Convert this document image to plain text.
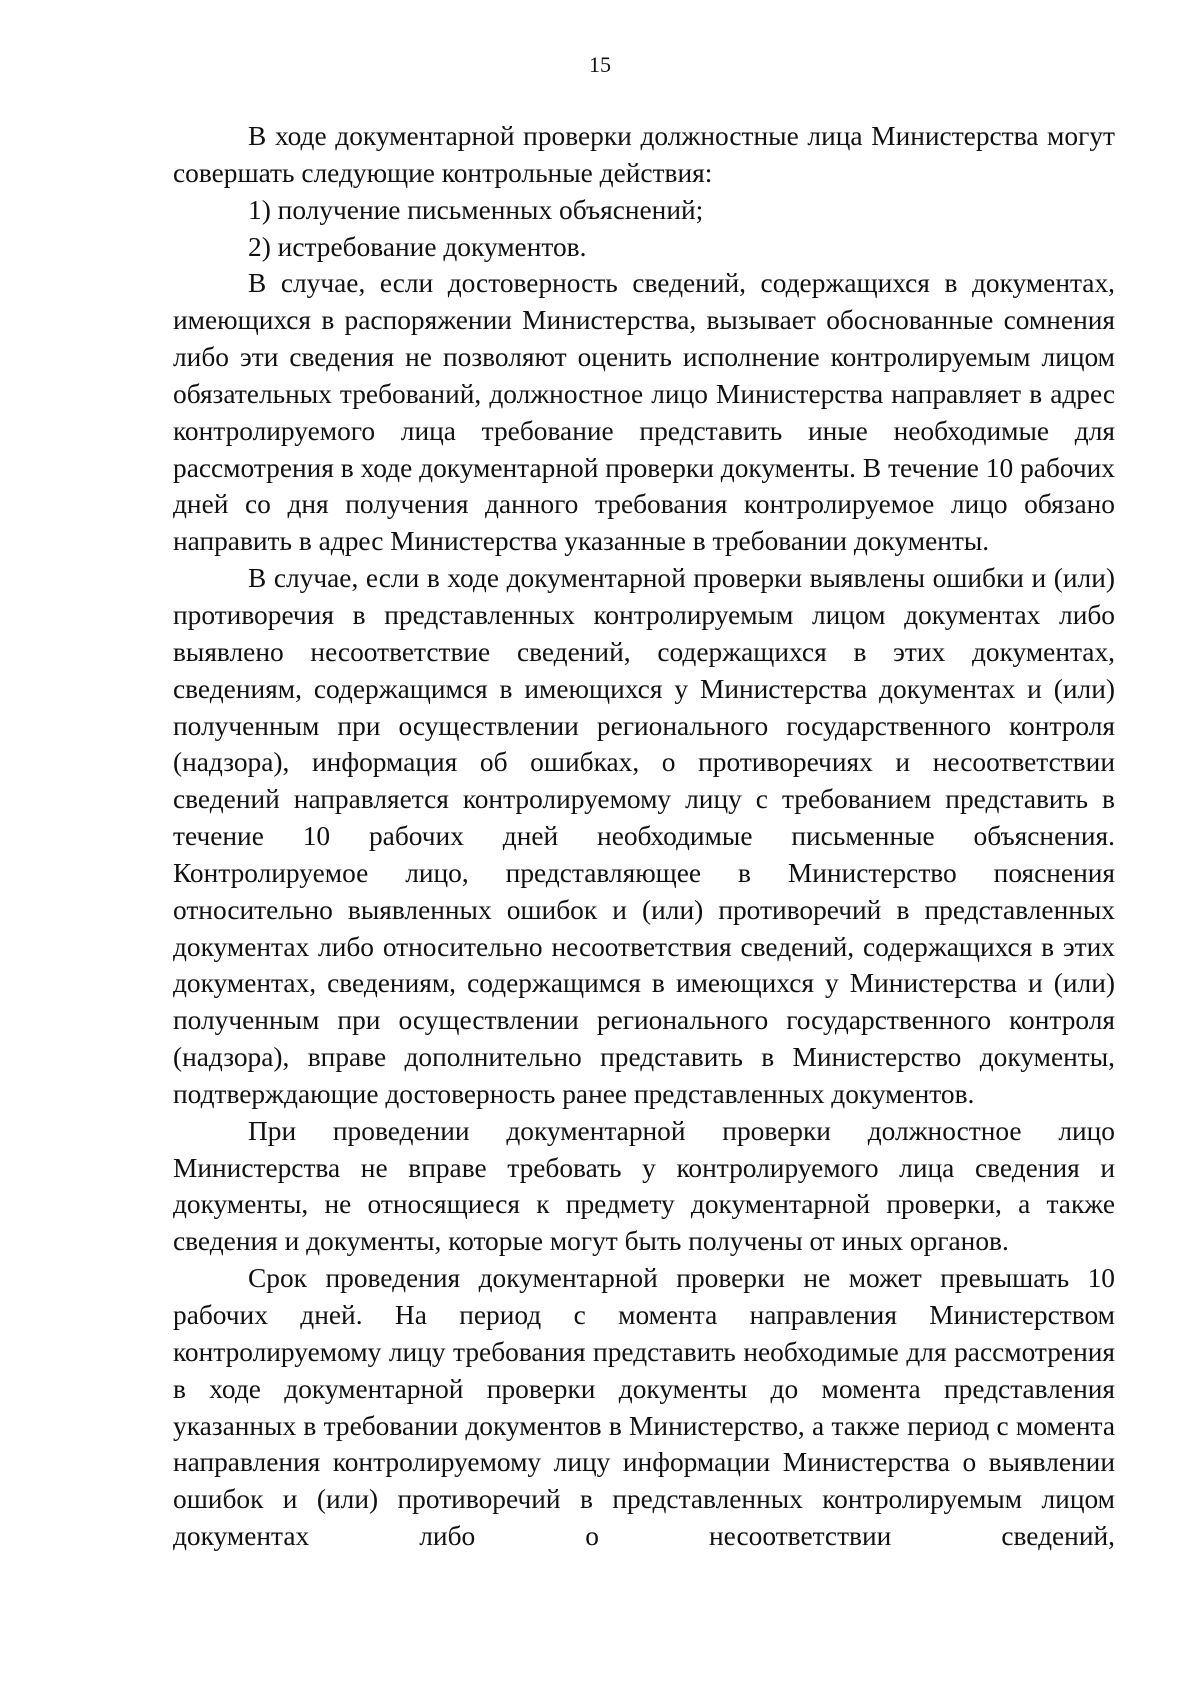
15

В ходе документарной проверки должностные лица Министерства могут совершать следующие контрольные действия:

1) получение письменных объяснений;

2) истребование документов.

В случае, если достоверность сведений, содержащихся в документах, имеющихся в распоряжении Министерства, вызывает обоснованные сомнения либо эти сведения не позволяют оценить исполнение контролируемым лицом обязательных требований, должностное лицо Министерства направляет в адрес контролируемого лица требование представить иные необходимые для рассмотрения в ходе документарной проверки документы. В течение 10 рабочих дней со дня получения данного требования контролируемое лицо обязано направить в адрес Министерства указанные в требовании документы.

В случае, если в ходе документарной проверки выявлены ошибки и (или) противоречия в представленных контролируемым лицом документах либо выявлено несоответствие сведений, содержащихся в этих документах, сведениям, содержащимся в имеющихся у Министерства документах и (или) полученным при осуществлении регионального государственного контроля (надзора), информация об ошибках, о противоречиях и несоответствии сведений направляется контролируемому лицу с требованием представить в течение 10 рабочих дней необходимые письменные объяснения. Контролируемое лицо, представляющее в Министерство пояснения относительно выявленных ошибок и (или) противоречий в представленных документах либо относительно несоответствия сведений, содержащихся в этих документах, сведениям, содержащимся в имеющихся у Министерства и (или) полученным при осуществлении регионального государственного контроля (надзора), вправе дополнительно представить в Министерство документы, подтверждающие достоверность ранее представленных документов.

При проведении документарной проверки должностное лицо Министерства не вправе требовать у контролируемого лица сведения и документы, не относящиеся к предмету документарной проверки, а также сведения и документы, которые могут быть получены от иных органов.

Срок проведения документарной проверки не может превышать 10 рабочих дней. На период с момента направления Министерством контролируемому лицу требования представить необходимые для рассмотрения в ходе документарной проверки документы до момента представления указанных в требовании документов в Министерство, а также период с момента направления контролируемому лицу информации Министерства о выявлении ошибок и (или) противоречий в представленных контролируемым лицом документах либо о несоответствии сведений,
